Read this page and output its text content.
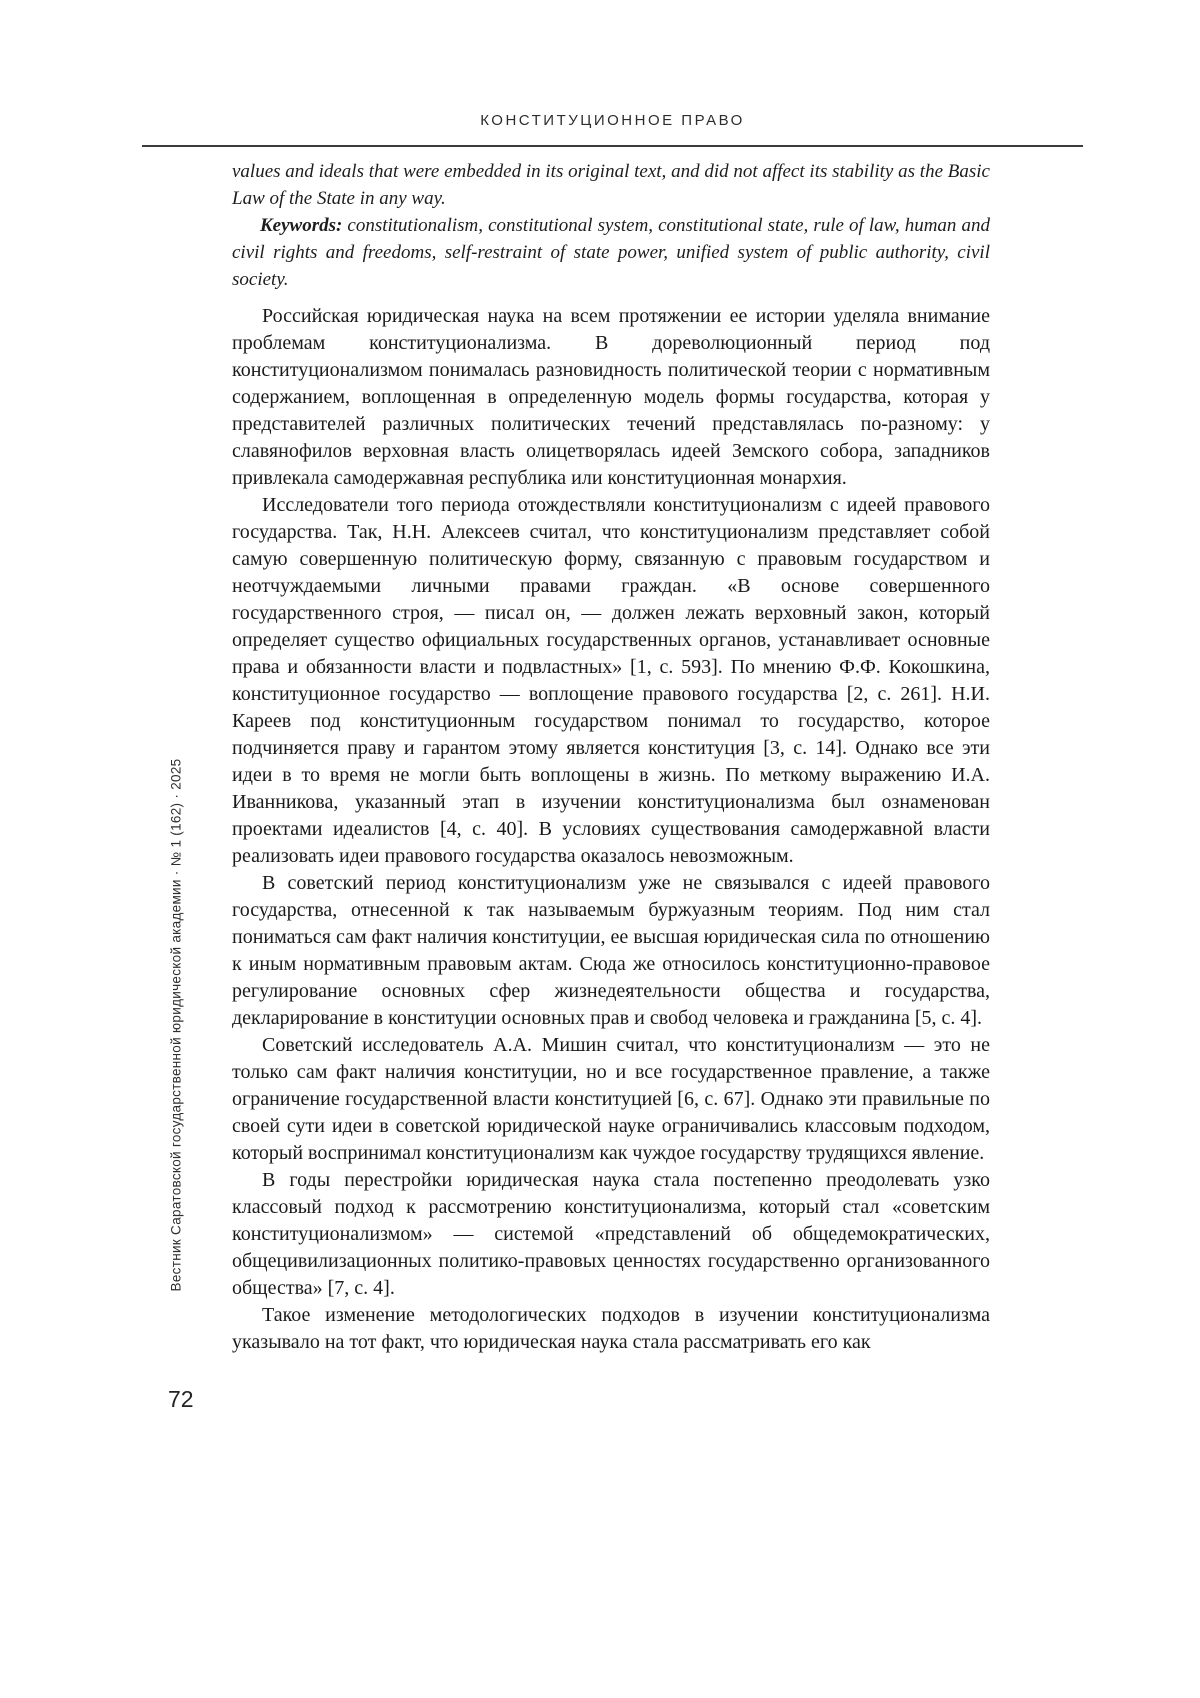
КОНСТИТУЦИОННОЕ ПРАВО

values and ideals that were embedded in its original text, and did not affect its stability as the Basic Law of the State in any way.

Keywords: constitutionalism, constitutional system, constitutional state, rule of law, human and civil rights and freedoms, self-restraint of state power, unified system of public authority, civil society.

Российская юридическая наука на всем протяжении ее истории уделяла внимание проблемам конституционализма. В дореволюционный период под конституционализмом понималась разновидность политической теории с нормативным содержанием, воплощенная в определенную модель формы государства, которая у представителей различных политических течений представлялась по-разному: у славянофилов верховная власть олицетворялась идеей Земского собора, западников привлекала самодержавная республика или конституционная монархия.

Исследователи того периода отождествляли конституционализм с идеей правового государства. Так, Н.Н. Алексеев считал, что конституционализм представляет собой самую совершенную политическую форму, связанную с правовым государством и неотчуждаемыми личными правами граждан. «В основе совершенного государственного строя, — писал он, — должен лежать верховный закон, который определяет существо официальных государственных органов, устанавливает основные права и обязанности власти и подвластных» [1, с. 593]. По мнению Ф.Ф. Кокошкина, конституционное государство — воплощение правового государства [2, с. 261]. Н.И. Кареев под конституционным государством понимал то государство, которое подчиняется праву и гарантом этому является конституция [3, с. 14]. Однако все эти идеи в то время не могли быть воплощены в жизнь. По меткому выражению И.А. Иванникова, указанный этап в изучении конституционализма был ознаменован проектами идеалистов [4, с. 40]. В условиях существования самодержавной власти реализовать идеи правового государства оказалось невозможным.

В советский период конституционализм уже не связывался с идеей правового государства, отнесенной к так называемым буржуазным теориям. Под ним стал пониматься сам факт наличия конституции, ее высшая юридическая сила по отношению к иным нормативным правовым актам. Сюда же относилось конституционно-правовое регулирование основных сфер жизнедеятельности общества и государства, декларирование в конституции основных прав и свобод человека и гражданина [5, с. 4].

Советский исследователь А.А. Мишин считал, что конституционализм — это не только сам факт наличия конституции, но и все государственное правление, а также ограничение государственной власти конституцией [6, с. 67]. Однако эти правильные по своей сути идеи в советской юридической науке ограничивались классовым подходом, который воспринимал конституционализм как чуждое государству трудящихся явление.

В годы перестройки юридическая наука стала постепенно преодолевать узко классовый подход к рассмотрению конституционализма, который стал «советским конституционализмом» — системой «представлений об общедемократических, общецивилизационных политико-правовых ценностях государственно организованного общества» [7, с. 4].

Такое изменение методологических подходов в изучении конституционализма указывало на тот факт, что юридическая наука стала рассматривать его как

Вестник Саратовской государственной юридической академии · № 1 (162) · 2025
72
